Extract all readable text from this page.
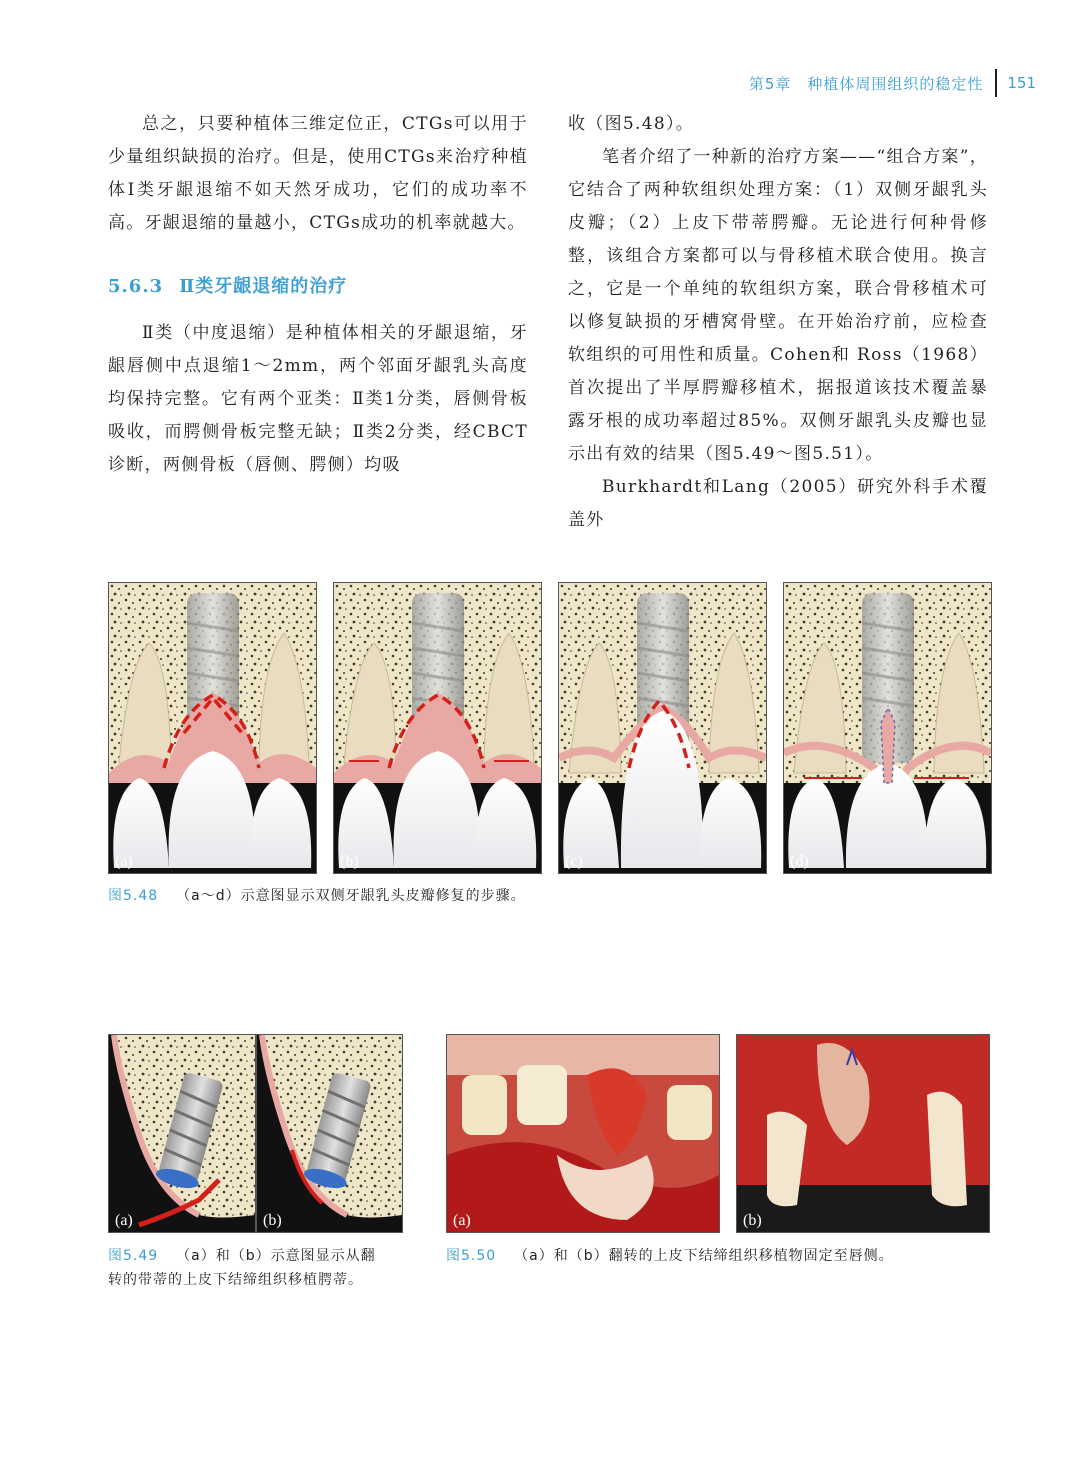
第5章　种植体周围组织的稳定性 151

总之，只要种植体三维定位正，CTGs可以用于少量组织缺损的治疗。但是，使用CTGs来治疗种植体Ⅰ类牙龈退缩不如天然牙成功，它们的成功率不高。牙龈退缩的量越小，CTGs成功的机率就越大。

5.6.3 Ⅱ类牙龈退缩的治疗

Ⅱ类（中度退缩）是种植体相关的牙龈退缩，牙龈唇侧中点退缩1～2mm，两个邻面牙龈乳头高度均保持完整。它有两个亚类：Ⅱ类1分类，唇侧骨板吸收，而腭侧骨板完整无缺；Ⅱ类2分类，经CBCT诊断，两侧骨板（唇侧、腭侧）均吸

收（图5.48）。

笔者介绍了一种新的治疗方案——“组合方案”，它结合了两种软组织处理方案：（1）双侧牙龈乳头皮瓣；（2）上皮下带蒂腭瓣。无论进行何种骨修整，该组合方案都可以与骨移植术联合使用。换言之，它是一个单纯的软组织方案，联合骨移植术可以修复缺损的牙槽窝骨壁。在开始治疗前，应检查软组织的可用性和质量。Cohen和 Ross（1968）首次提出了半厚腭瓣移植术，据报道该技术覆盖暴露牙根的成功率超过85%。双侧牙龈乳头皮瓣也显示出有效的结果（图5.49～图5.51）。

Burkhardt和Lang（2005）研究外科手术覆盖外

(a)	(b)	(c)	(d)
图5.48 （a～d）示意图显示双侧牙龈乳头皮瓣修复的步骤。
(a)	(b)
图5.49 （a）和（b）示意图显示从翻
转的带蒂的上皮下结缔组织移植腭蒂。
(a)	(b)
图5.50 （a）和（b）翻转的上皮下结缔组织移植物固定至唇侧。
